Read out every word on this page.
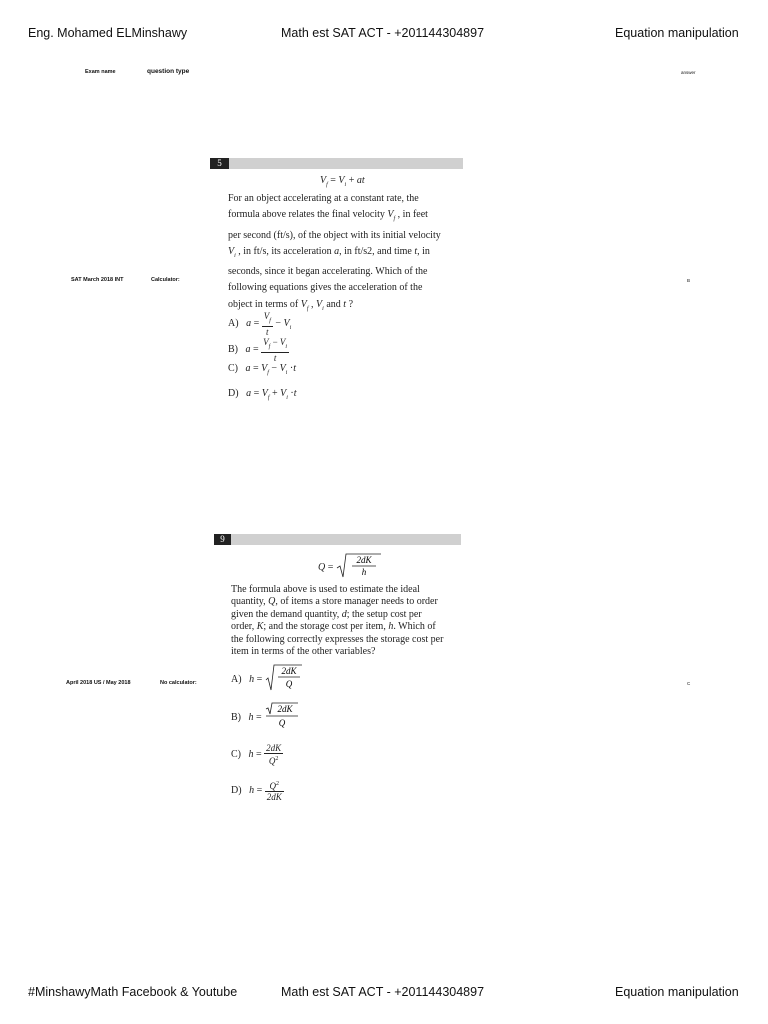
Eng. Mohamed ELMinshawy	Math est SAT ACT - +201144304897	Equation manipulation
Exam name	question type	answer
SAT March 2018 INT	Calculator:	B
5
$V_f = V_i$ + at
For an object accelerating at a constant rate, the
formula above relates the final velocity $V_f$ , in feet
per second (ft/s), of the object with its initial velocity
$V_i$ , in ft/s, its acceleration a, in ft/s2, and time t, in
seconds, since it began accelerating. Which of the
following equations gives the acceleration of the
object in terms of $V_f$ , $V_i$ and t ?
A)   $a = \frac{V_f}{t} - V_i$
B)   $a = \frac{V_f - V_i}{t}$
C)   $a = V_f - V_i \cdot t$
D)   $a = V_f + V_i \cdot t$
April 2018 US / May 2018	No calculator:	C
9
Q =
2dK
h
The formula above is used to estimate the ideal
quantity, Q, of items a store manager needs to order
given the demand quantity, d; the setup cost per
order, K; and the storage cost per item, h. Which of
the following correctly expresses the storage cost per
item in terms of the other variables?
A)   h =
2dK
Q
B)   h =
2dK
Q
C)   $h = \frac{2dK}{Q^2}$
D)   $h = \frac{Q^2}{2dK}$
#MinshawyMath Facebook & Youtube	Math est SAT ACT - +201144304897	Equation manipulation
